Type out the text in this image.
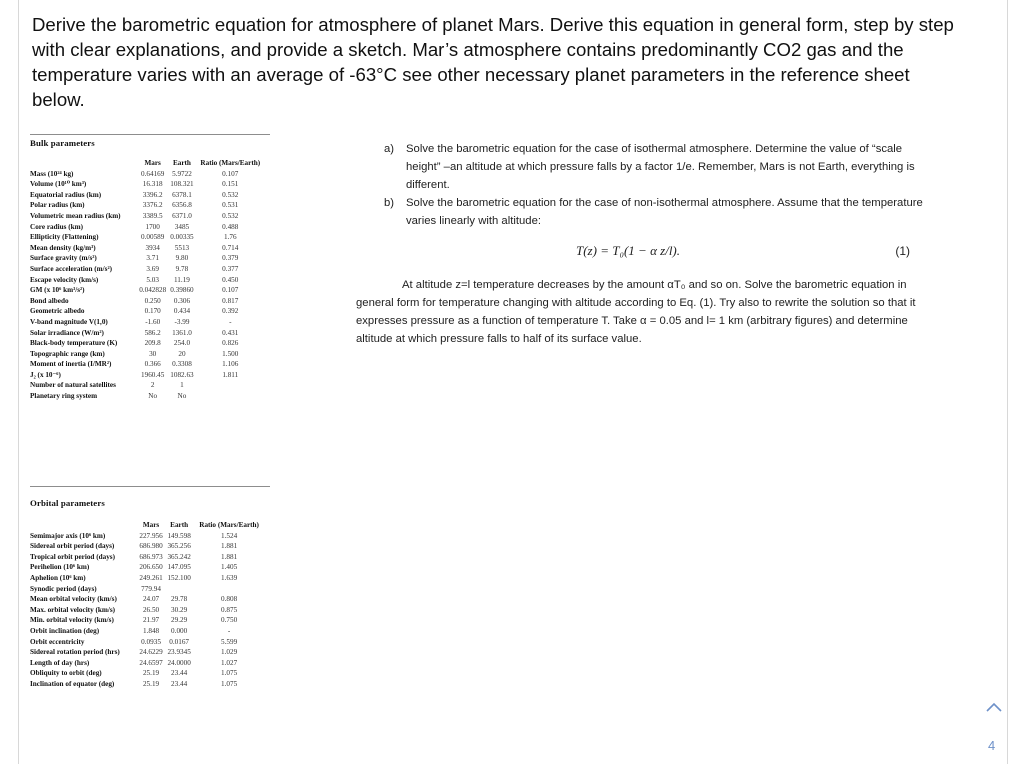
Derive the barometric equation for atmosphere of planet Mars. Derive this equation in general form, step by step with clear explanations, and provide a sketch. Mar’s atmosphere contains predominantly CO2 gas and the temperature varies with an average of -63°C see other necessary planet parameters in the reference sheet below.
Bulk parameters
	Mars	Earth	Ratio (Mars/Earth)
Mass (10²⁴ kg)	0.64169	5.9722	0.107
Volume (10¹⁰ km³)	16.318	108.321	0.151
Equatorial radius (km)	3396.2	6378.1	0.532
Polar radius (km)	3376.2	6356.8	0.531
Volumetric mean radius (km)	3389.5	6371.0	0.532
Core radius (km)	1700	3485	0.488
Ellipticity (Flattening)	0.00589	0.00335	1.76
Mean density (kg/m³)	3934	5513	0.714
Surface gravity (m/s²)	3.71	9.80	0.379
Surface acceleration (m/s²)	3.69	9.78	0.377
Escape velocity (km/s)	5.03	11.19	0.450
GM (x 10⁶ km³/s²)	0.042828	0.39860	0.107
Bond albedo	0.250	0.306	0.817
Geometric albedo	0.170	0.434	0.392
V-band magnitude V(1,0)	-1.60	-3.99	-
Solar irradiance (W/m²)	586.2	1361.0	0.431
Black-body temperature (K)	209.8	254.0	0.826
Topographic range (km)	30	20	1.500
Moment of inertia (I/MR²)	0.366	0.3308	1.106
J₂ (x 10⁻⁶)	1960.45	1082.63	1.811
Number of natural satellites	2	1	
Planetary ring system	No	No	
Orbital parameters
	Mars	Earth	Ratio (Mars/Earth)
Semimajor axis (10⁶ km)	227.956	149.598	1.524
Sidereal orbit period (days)	686.980	365.256	1.881
Tropical orbit period (days)	686.973	365.242	1.881
Perihelion (10⁶ km)	206.650	147.095	1.405
Aphelion (10⁶ km)	249.261	152.100	1.639
Synodic period (days)	779.94		
Mean orbital velocity (km/s)	24.07	29.78	0.808
Max. orbital velocity (km/s)	26.50	30.29	0.875
Min. orbital velocity (km/s)	21.97	29.29	0.750
Orbit inclination (deg)	1.848	0.000	-
Orbit eccentricity	0.0935	0.0167	5.599
Sidereal rotation period (hrs)	24.6229	23.9345	1.029
Length of day (hrs)	24.6597	24.0000	1.027
Obliquity to orbit (deg)	25.19	23.44	1.075
Inclination of equator (deg)	25.19	23.44	1.075
a) Solve the barometric equation for the case of isothermal atmosphere. Determine the value of “scale height” –an altitude at which pressure falls by a factor 1/e. Remember, Mars is not Earth, everything is different.
b) Solve the barometric equation for the case of non-isothermal atmosphere. Assume that the temperature varies linearly with altitude:
T(z) = T₀(1 − α z/l).	(1)
At altitude z=l temperature decreases by the amount αT₀ and so on. Solve the barometric equation in general form for temperature changing with altitude according to Eq. (1). Try also to rewrite the solution so that it expresses pressure as a function of temperature T. Take α = 0.05 and l= 1 km (arbitrary figures) and determine altitude at which pressure falls to half of its surface value.
4
